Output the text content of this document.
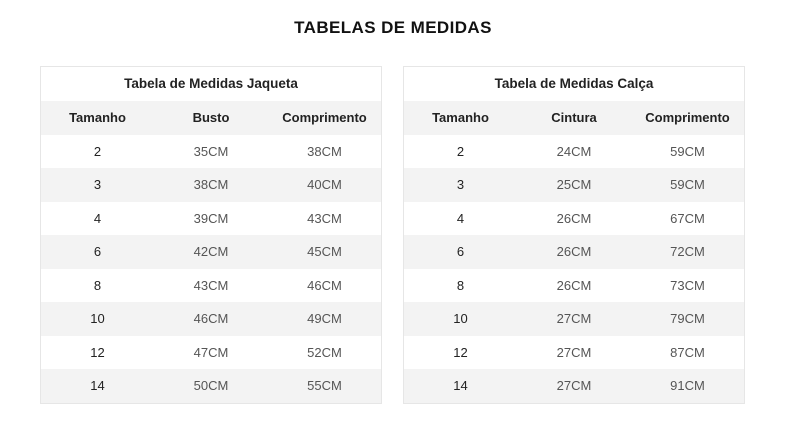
TABELAS DE MEDIDAS
Tabela de Medidas Jaqueta
Tamanho	Busto	Comprimento
2	35CM	38CM
3	38CM	40CM
4	39CM	43CM
6	42CM	45CM
8	43CM	46CM
10	46CM	49CM
12	47CM	52CM
14	50CM	55CM
Tabela de Medidas Calça
Tamanho	Cintura	Comprimento
2	24CM	59CM
3	25CM	59CM
4	26CM	67CM
6	26CM	72CM
8	26CM	73CM
10	27CM	79CM
12	27CM	87CM
14	27CM	91CM
